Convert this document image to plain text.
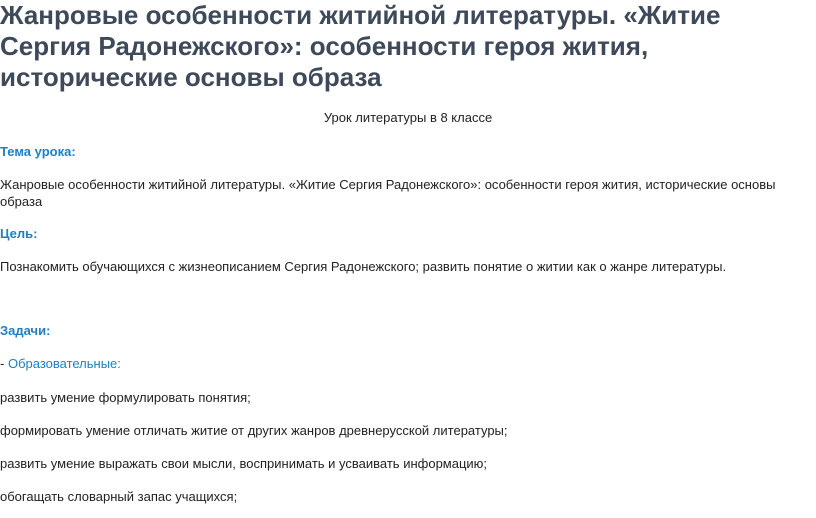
Жанровые особенности житийной литературы. «Житие Сергия Радонежского»: особенности героя жития, исторические основы образа
Урок литературы в 8 классе
Тема урока:
Жанровые особенности житийной литературы. «Житие Сергия Радонежского»: особенности героя жития, исторические основы образа
Цель:
Познакомить обучающихся с жизнеописанием Сергия Радонежского; развить понятие о житии как о жанре литературы.
Задачи:
- Образовательные:
развить умение формулировать понятия;
формировать умение отличать житие от других жанров древнерусской литературы;
развить умение выражать свои мысли, воспринимать и усваивать информацию;
обогащать словарный запас учащихся;
